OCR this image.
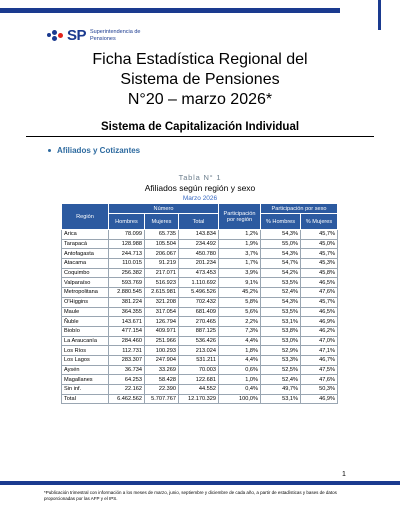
SP Superintendencia de
Pensiones
Ficha Estadística Regional del
Sistema de Pensiones
N°20 – marzo 2026*
Sistema de Capitalización Individual
Afiliados y Cotizantes
Tabla N° 1
Afiliados según región y sexo
Marzo 2026
Región	Número			Participación por región	Participación por sexo	
	Hombres	Mujeres	Total		% Hombres	% Mujeres
Arica	78.099	65.735	143.834	1,2%	54,3%	45,7%
Tarapacá	128.988	105.504	234.492	1,9%	55,0%	45,0%
Antofagasta	244.713	206.067	450.780	3,7%	54,3%	45,7%
Atacama	110.015	91.219	201.234	1,7%	54,7%	45,3%
Coquimbo	256.382	217.071	473.453	3,9%	54,2%	45,8%
Valparaíso	593.769	516.923	1.110.692	9,1%	53,5%	46,5%
Metropolitana	2.880.545	2.615.981	5.496.526	45,2%	52,4%	47,6%
O'Higgins	381.224	321.208	702.432	5,8%	54,3%	45,7%
Maule	364.355	317.054	681.409	5,6%	53,5%	46,5%
Ñuble	143.671	126.794	270.465	2,2%	53,1%	46,9%
Biobío	477.154	409.971	887.125	7,3%	53,8%	46,2%
La Araucanía	284.460	251.966	536.426	4,4%	53,0%	47,0%
Los Ríos	112.731	100.293	213.024	1,8%	52,9%	47,1%
Los Lagos	283.307	247.904	531.211	4,4%	53,3%	46,7%
Aysén	36.734	33.269	70.003	0,6%	52,5%	47,5%
Magallanes	64.253	58.428	122.681	1,0%	52,4%	47,6%
Sin inf.	22.162	22.390	44.552	0,4%	49,7%	50,3%
Total	6.462.562	5.707.767	12.170.329	100,0%	53,1%	46,9%
1
*Publicación trimestral con información a los meses de marzo, junio, septiembre y diciembre de cada año, a partir de estadísticas y bases de datos proporcionadas por las AFP y el IPS.
